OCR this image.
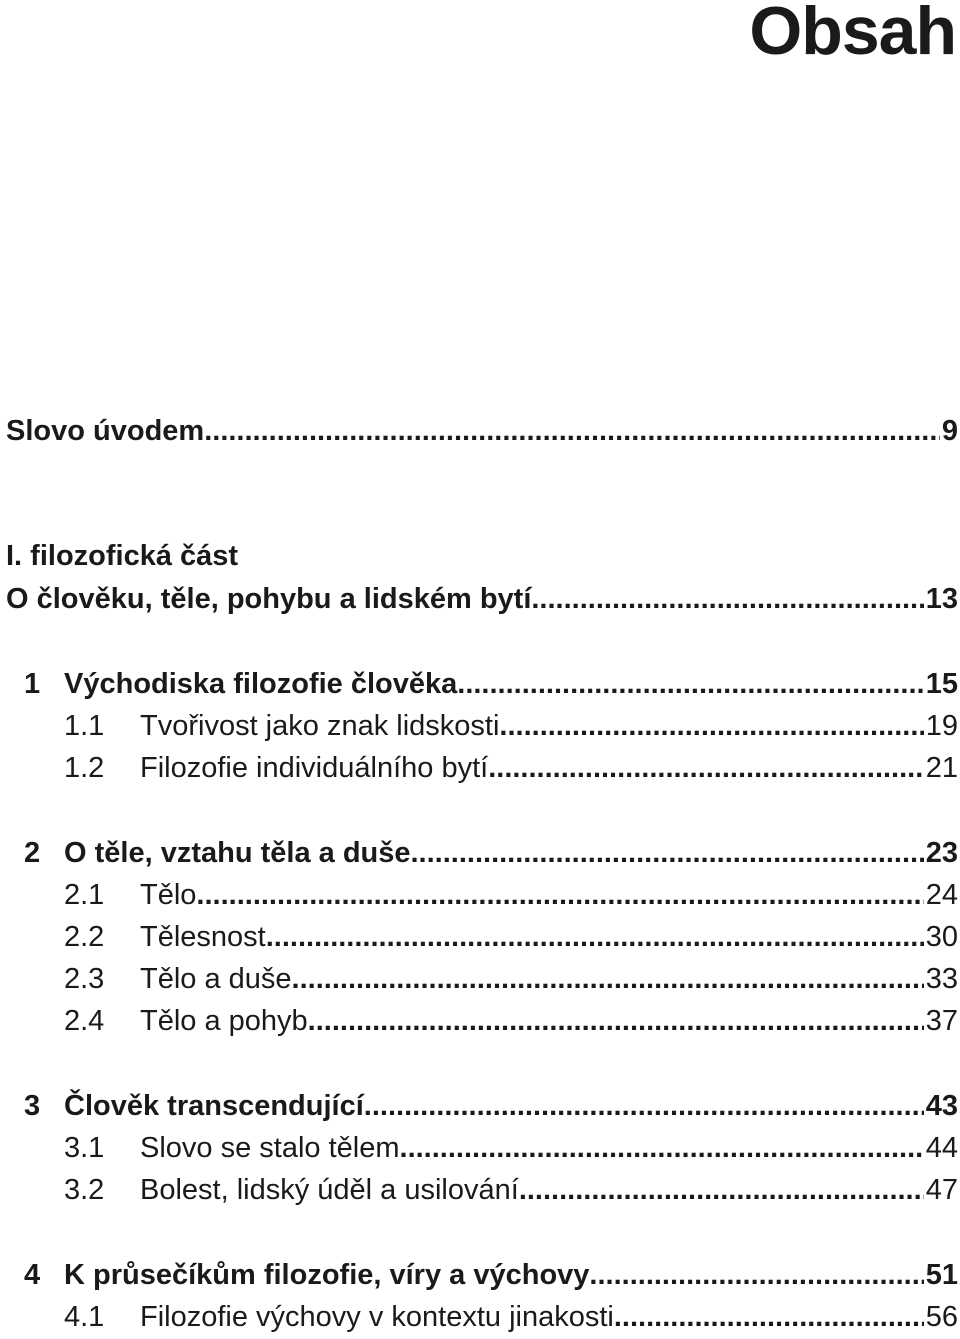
Obsah
Slovo úvodem .....	9
I. filozofická část
O člověku, těle, pohybu a lidském bytí .....	13
1 Východiska filozofie člověka .....	15
1.1	Tvořivost jako znak lidskosti .....	19
1.2	Filozofie individuálního bytí .....	21
2 O těle, vztahu těla a duše .....	23
2.1	Tělo .....	24
2.2	Tělesnost .....	30
2.3	Tělo a duše .....	33
2.4	Tělo a pohyb .....	37
3 Člověk transcendující .....	43
3.1	Slovo se stalo tělem .....	44
3.2	Bolest, lidský úděl a usilování .....	47
4 K průsečíkům filozofie, víry a výchovy .....	51
4.1	Filozofie výchovy v kontextu jinakosti .....	56
